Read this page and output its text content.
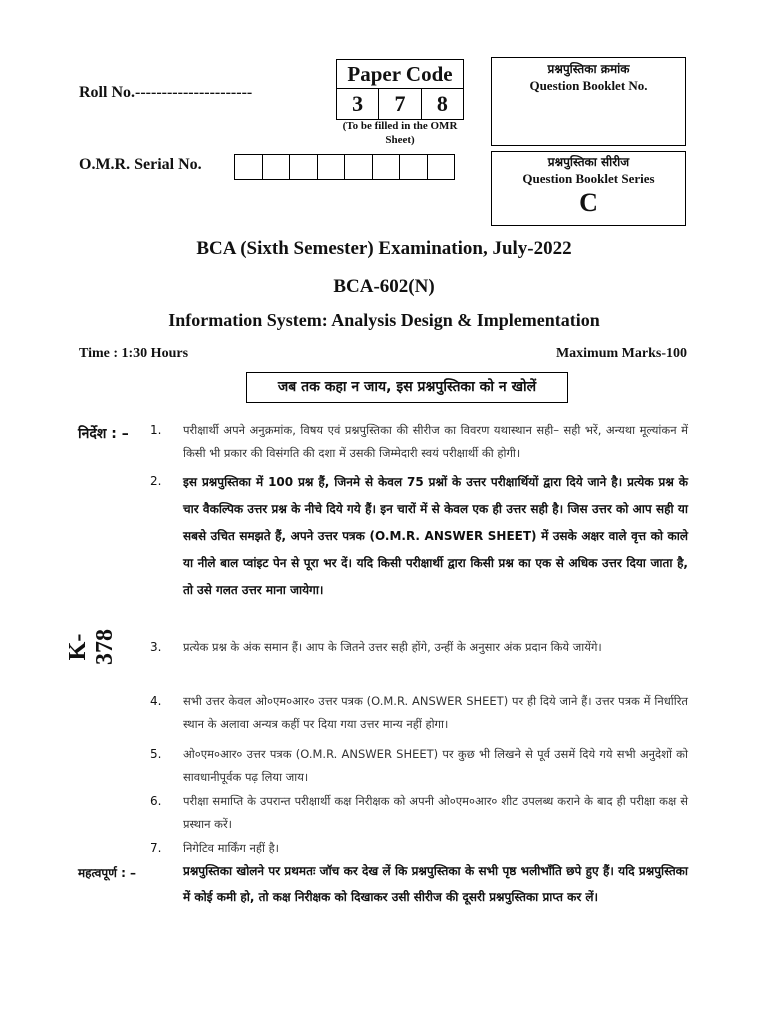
Roll No.----------------------
O.M.R. Serial No.
Paper Code
3	7	8
(To be filled in the OMR Sheet)
प्रश्नपुस्तिका क्रमांक
Question Booklet No.
प्रश्नपुस्तिका सीरीज
Question Booklet Series
C
BCA (Sixth Semester) Examination, July-2022
BCA-602(N)
Information System: Analysis Design & Implementation
Time : 1:30 Hours	Maximum Marks-100
जब तक कहा न जाय, इस प्रश्नपुस्तिका को न खोलें
K-378
निर्देश : – 1.	परीक्षार्थी अपने अनुक्रमांक, विषय एवं प्रश्नपुस्तिका की सीरीज का विवरण यथास्थान सही– सही भरें, अन्यथा मूल्यांकन में किसी भी प्रकार की विसंगति की दशा में उसकी जिम्मेदारी स्वयं परीक्षार्थी की होगी।
2.	इस प्रश्नपुस्तिका में 100 प्रश्न हैं, जिनमे से केवल 75 प्रश्नों के उत्तर परीक्षार्थियों द्वारा दिये जाने है। प्रत्येक प्रश्न के चार वैकल्पिक उत्तर प्रश्न के नीचे दिये गये हैं। इन चारों में से केवल एक ही उत्तर सही है। जिस उत्तर को आप सही या सबसे उचित समझते हैं, अपने उत्तर पत्रक (O.M.R. ANSWER SHEET) में उसके अक्षर वाले वृत्त को काले या नीले बाल प्वांइट पेन से पूरा भर दें। यदि किसी परीक्षार्थी द्वारा किसी प्रश्न का एक से अधिक उत्तर दिया जाता है, तो उसे गलत उत्तर माना जायेगा।
3.	प्रत्येक प्रश्न के अंक समान हैं। आप के जितने उत्तर सही होंगे, उन्हीं के अनुसार अंक प्रदान किये जायेंगे।
4.	सभी उत्तर केवल ओ०एम०आर० उत्तर पत्रक (O.M.R. ANSWER SHEET) पर ही दिये जाने हैं। उत्तर पत्रक में निर्धारित स्थान के अलावा अन्यत्र कहीं पर दिया गया उत्तर मान्य नहीं होगा।
5.	ओ०एम०आर० उत्तर पत्रक (O.M.R. ANSWER SHEET) पर कुछ भी लिखने से पूर्व उसमें दिये गये सभी अनुदेशों को सावधानीपूर्वक पढ़ लिया जाय।
6.	परीक्षा समाप्ति के उपरान्त परीक्षार्थी कक्ष निरीक्षक को अपनी ओ०एम०आर० शीट उपलब्ध कराने के बाद ही परीक्षा कक्ष से प्रस्थान करें।
7.	निगेटिव मार्किंग नहीं है।
महत्वपूर्ण : –	प्रश्नपुस्तिका खोलने पर प्रथमतः जॉच कर देख लें कि प्रश्नपुस्तिका के सभी पृष्ठ भलीभाँति छपे हुए हैं। यदि प्रश्नपुस्तिका में कोई कमी हो, तो कक्ष निरीक्षक को दिखाकर उसी सीरीज की दूसरी प्रश्नपुस्तिका प्राप्त कर लें।
